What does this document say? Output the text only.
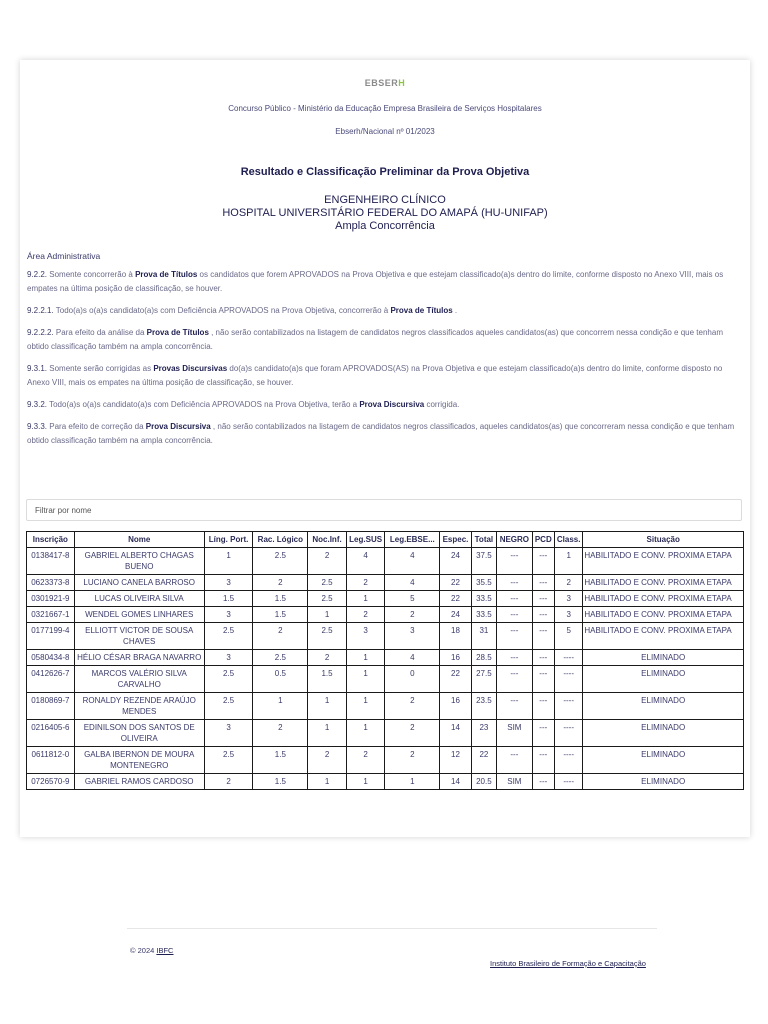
EBSERH
Concurso Público - Ministério da Educação Empresa Brasileira de Serviços Hospitalares
Ebserh/Nacional nº 01/2023
Resultado e Classificação Preliminar da Prova Objetiva
ENGENHEIRO CLÍNICO
HOSPITAL UNIVERSITÁRIO FEDERAL DO AMAPÁ (HU-UNIFAP)
Ampla Concorrência
Área Administrativa
9.2.2. Somente concorrerão à Prova de Títulos os candidatos que forem APROVADOS na Prova Objetiva e que estejam classificado(a)s dentro do limite, conforme disposto no Anexo VIII, mais os empates na última posição de classificação, se houver.
9.2.2.1. Todo(a)s o(a)s candidato(a)s com Deficiência APROVADOS na Prova Objetiva, concorrerão à Prova de Títulos .
9.2.2.2. Para efeito da análise da Prova de Títulos , não serão contabilizados na listagem de candidatos negros classificados aqueles candidatos(as) que concorrem nessa condição e que tenham obtido classificação também na ampla concorrência.
9.3.1. Somente serão corrigidas as Provas Discursivas do(a)s candidato(a)s que foram APROVADOS(AS) na Prova Objetiva e que estejam classificado(a)s dentro do limite, conforme disposto no Anexo VIII, mais os empates na última posição de classificação, se houver.
9.3.2. Todo(a)s o(a)s candidato(a)s com Deficiência APROVADOS na Prova Objetiva, terão a Prova Discursiva corrigida.
9.3.3. Para efeito de correção da Prova Discursiva , não serão contabilizados na listagem de candidatos negros classificados, aqueles candidatos(as) que concorreram nessa condição e que tenham obtido classificação também na ampla concorrência.
Filtrar por nome
Inscrição	Nome	Líng. Port.	Rac. Lógico	Noc.Inf.	Leg.SUS	Leg.EBSE...	Espec.	Total	NEGRO	PCD	Class.	Situação
0138417-8	GABRIEL ALBERTO CHAGAS BUENO	1	2.5	2	4	4	24	37.5	---	---	1	HABILITADO E CONV. PROXIMA ETAPA
0623373-8	LUCIANO CANELA BARROSO	3	2	2.5	2	4	22	35.5	---	---	2	HABILITADO E CONV. PROXIMA ETAPA
0301921-9	LUCAS OLIVEIRA SILVA	1.5	1.5	2.5	1	5	22	33.5	---	---	3	HABILITADO E CONV. PROXIMA ETAPA
0321667-1	WENDEL GOMES LINHARES	3	1.5	1	2	2	24	33.5	---	---	3	HABILITADO E CONV. PROXIMA ETAPA
0177199-4	ELLIOTT VICTOR DE SOUSA CHAVES	2.5	2	2.5	3	3	18	31	---	---	5	HABILITADO E CONV. PROXIMA ETAPA
0580434-8	HÉLIO CÉSAR BRAGA NAVARRO	3	2.5	2	1	4	16	28.5	---	---	----	ELIMINADO
0412626-7	MARCOS VALÉRIO SILVA CARVALHO	2.5	0.5	1.5	1	0	22	27.5	---	---	----	ELIMINADO
0180869-7	RONALDY REZENDE ARAÚJO MENDES	2.5	1	1	1	2	16	23.5	---	---	----	ELIMINADO
0216405-6	EDINILSON DOS SANTOS DE OLIVEIRA	3	2	1	1	2	14	23	SIM	---	----	ELIMINADO
0611812-0	GALBA IBERNON DE MOURA MONTENEGRO	2.5	1.5	2	2	2	12	22	---	---	----	ELIMINADO
0726570-9	GABRIEL RAMOS CARDOSO	2	1.5	1	1	1	14	20.5	SIM	---	----	ELIMINADO
© 2024 IBFC
Instituto Brasileiro de Formação e Capacitação
